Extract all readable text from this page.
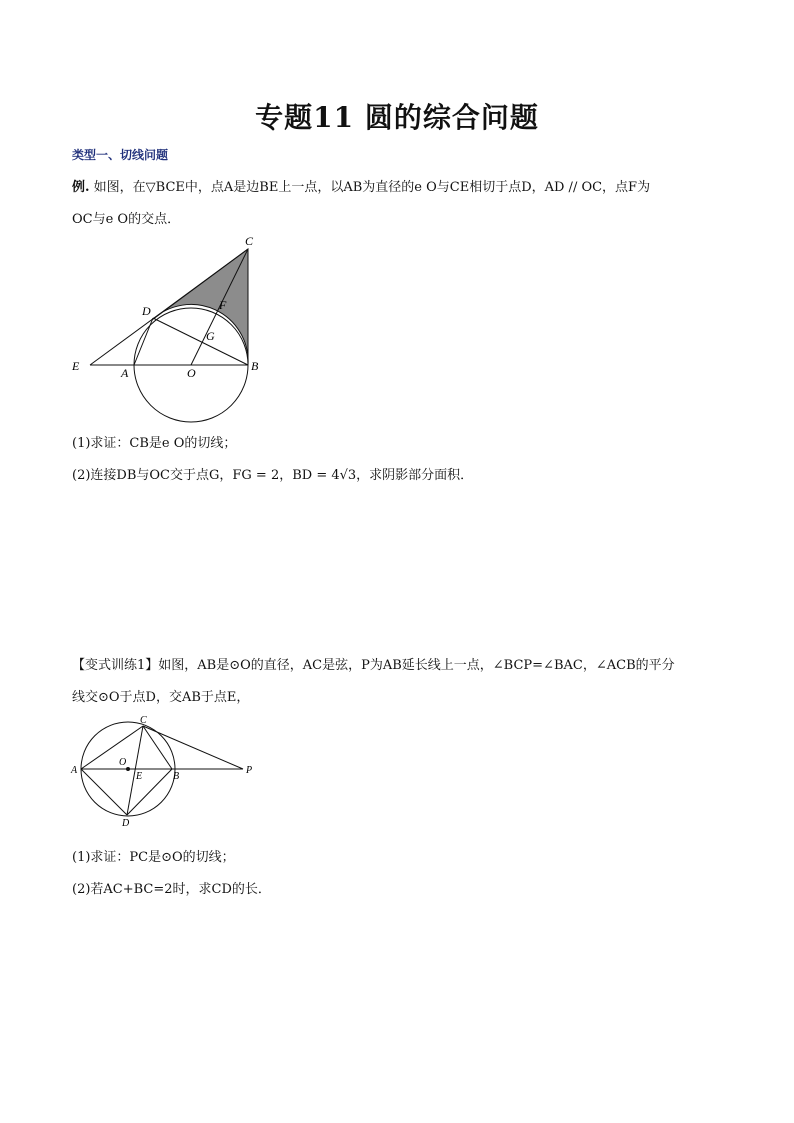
专题11 圆的综合问题
类型一、切线问题
例. 如图，在▽BCE中，点A是边BE上一点，以AB为直径的e O与CE相切于点D，AD // OC，点F为
OC与e O的交点．
C
D	F
G
E	A	O	B
(1)求证：CB是e O的切线；
(2)连接DB与OC交于点G，FG = 2，BD = 4√3，求阴影部分面积．
【变式训练1】如图，AB是⊙O的直径，AC是弦，P为AB延长线上一点，∠BCP=∠BAC，∠ACB的平分
线交⊙O于点D，交AB于点E，
C
O
E
A
B
P
D
(1)求证：PC是⊙O的切线；
(2)若AC+BC=2时，求CD的长．
